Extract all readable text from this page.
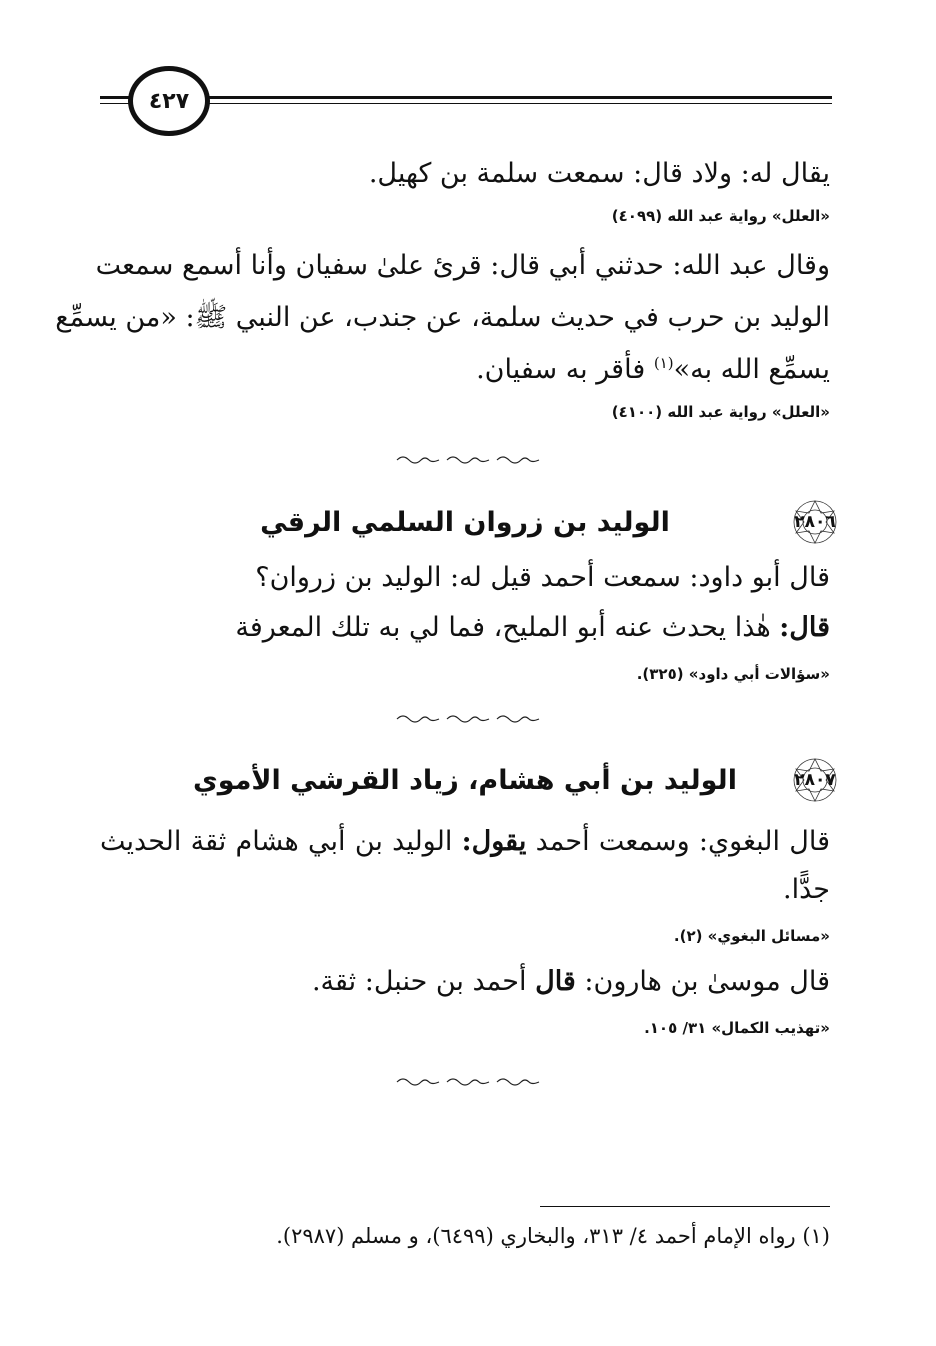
٤٢٧
يقال له: ولاد قال: سمعت سلمة بن كهيل.
«العلل» رواية عبد الله (٤٠٩٩)
وقال عبد الله: حدثني أبي قال: قرئ علىٰ سفيان وأنا أسمع سمعت
الوليد بن حرب في حديث سلمة، عن جندب، عن النبي ﷺ: «من يسمِّع
يسمِّع الله به»$^{(١)}$ فأقر به سفيان.
«العلل» رواية عبد الله (٤١٠٠)
٢٨٠٦
الوليد بن زروان السلمي الرقي
قال أبو داود: سمعت أحمد قيل له: الوليد بن زروان؟
قال: هٰذا يحدث عنه أبو المليح، فما لي به تلك المعرفة
«سؤالات أبي داود» (٣٢٥).
٢٨٠٧
الوليد بن أبي هشام، زياد القرشي الأموي
قال البغوي: وسمعت أحمد يقول: الوليد بن أبي هشام ثقة الحديث
جدًّا.
«مسائل البغوي» (٢).
قال موسىٰ بن هارون: قال أحمد بن حنبل: ثقة.
«تهذيب الكمال» ٣١/ ١٠٥.
(١) رواه الإمام أحمد ٤/ ٣١٣، والبخاري (٦٤٩٩)، و مسلم (٢٩٨٧).
